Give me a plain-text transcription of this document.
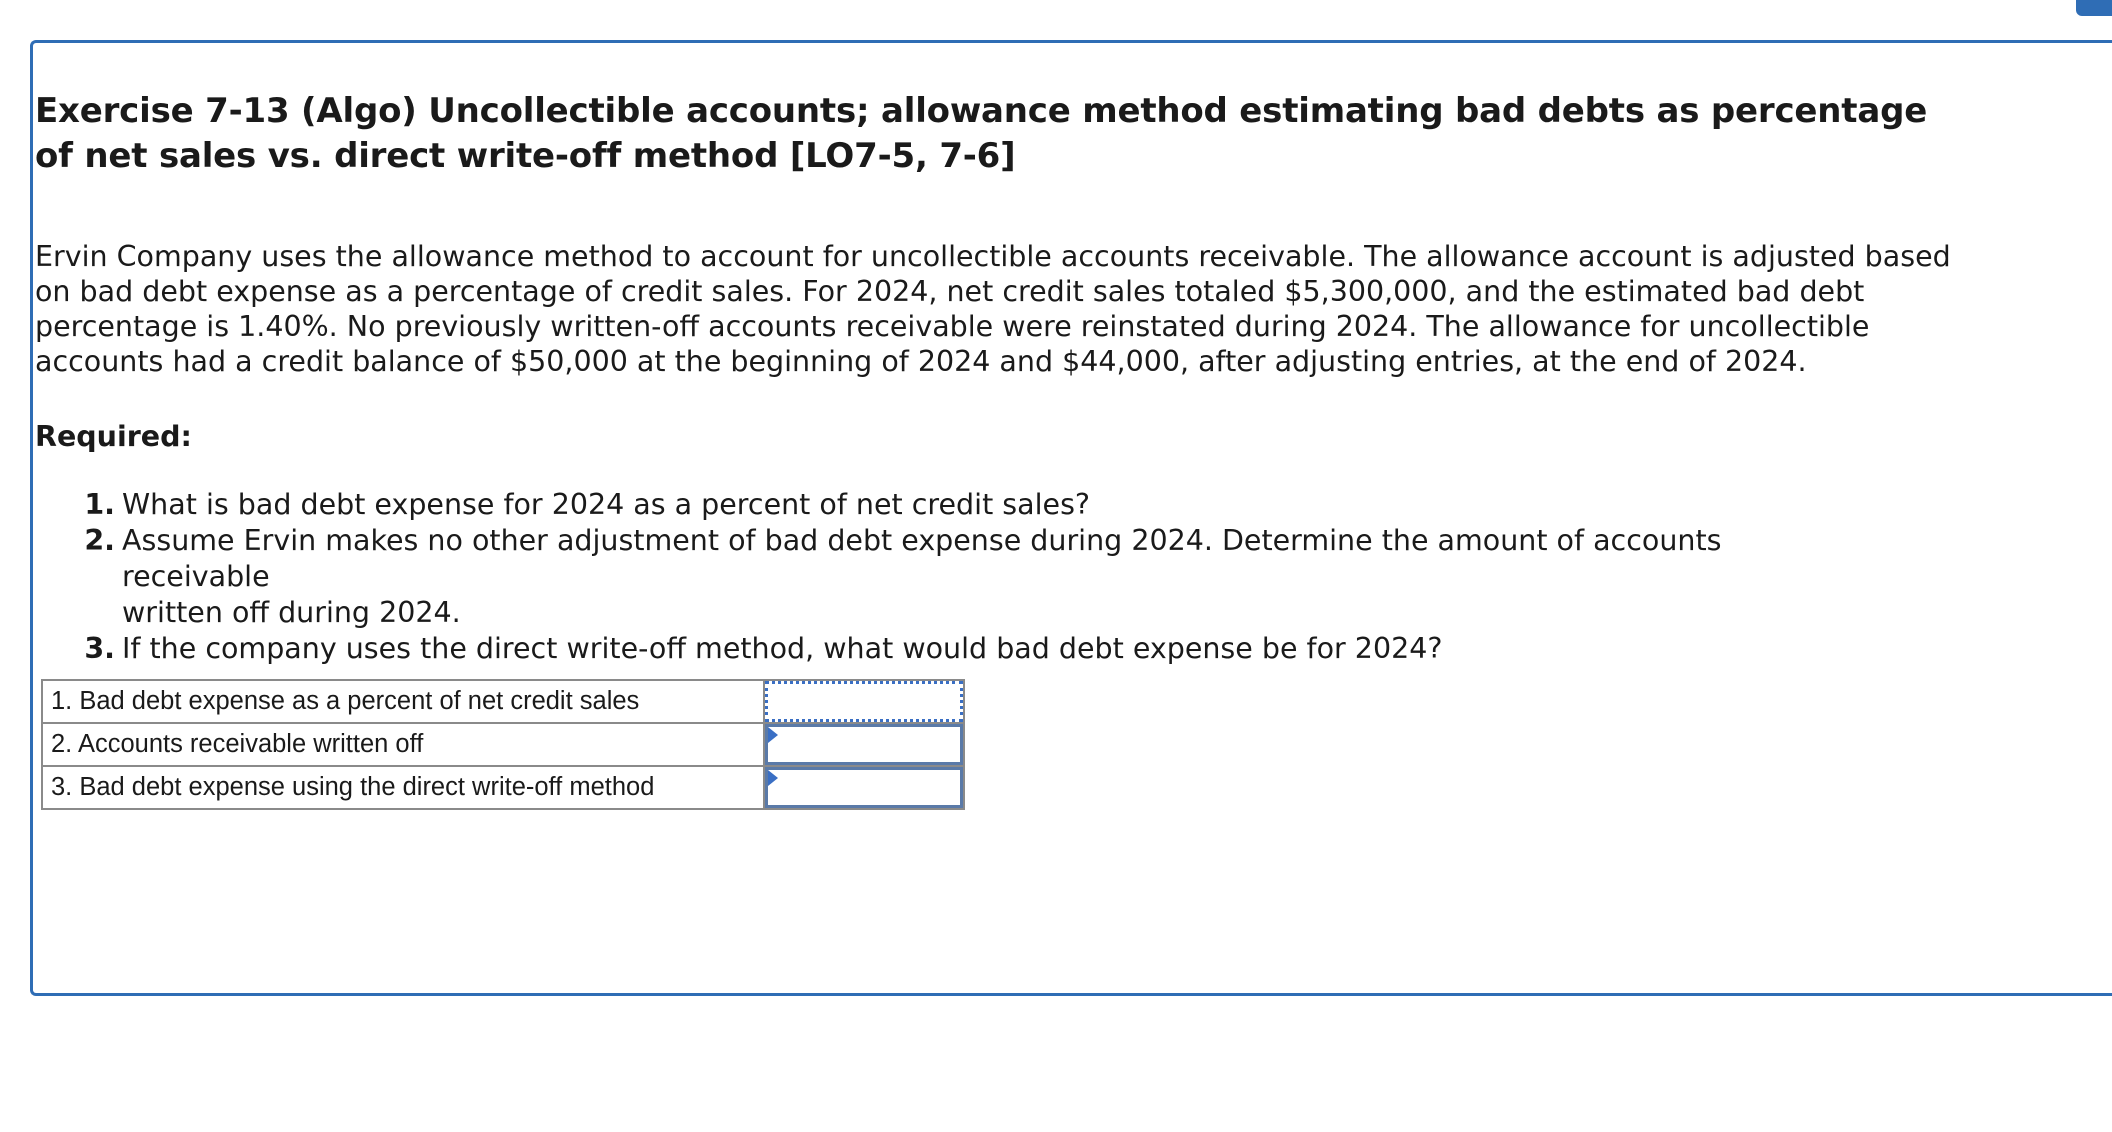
Exercise 7-13 (Algo) Uncollectible accounts; allowance method estimating bad debts as percentage of net sales vs. direct write-off method [LO7-5, 7-6]

Ervin Company uses the allowance method to account for uncollectible accounts receivable. The allowance account is adjusted based on bad debt expense as a percentage of credit sales. For 2024, net credit sales totaled $5,300,000, and the estimated bad debt percentage is 1.40%. No previously written-off accounts receivable were reinstated during 2024. The allowance for uncollectible accounts had a credit balance of $50,000 at the beginning of 2024 and $44,000, after adjusting entries, at the end of 2024.

Required:

1. What is bad debt expense for 2024 as a percent of net credit sales?
2. Assume Ervin makes no other adjustment of bad debt expense during 2024. Determine the amount of accounts receivable
written off during 2024.
3. If the company uses the direct write-off method, what would bad debt expense be for 2024?
1. Bad debt expense as a percent of net credit sales	

2. Accounts receivable written off	

3. Bad debt expense using the direct write-off method	
